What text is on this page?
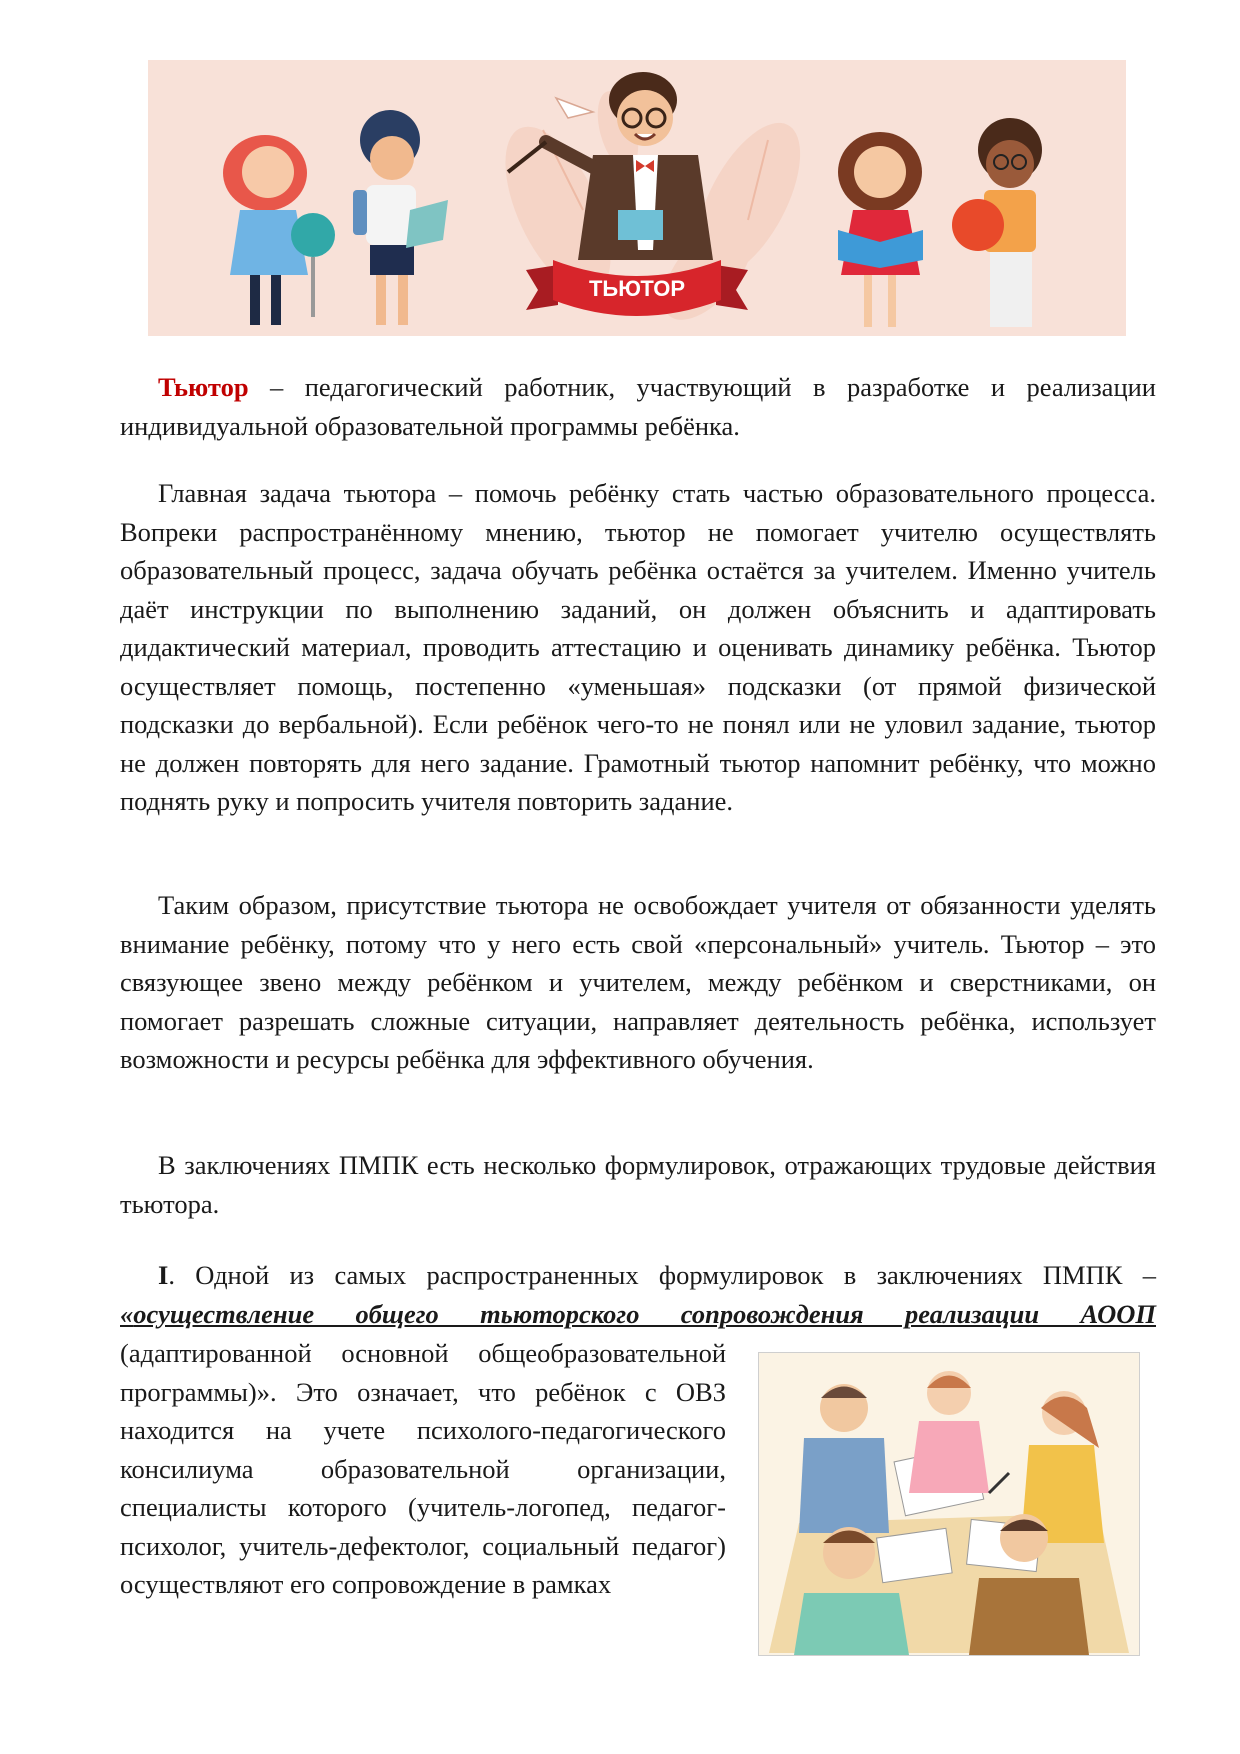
ТЬЮТОР

Тьютор – педагогический работник, участвующий в разработке и реализации индивидуальной образовательной программы ребёнка.

Главная задача тьютора – помочь ребёнку стать частью образовательного процесса. Вопреки распространённому мнению, тьютор не помогает учителю осуществлять образовательный процесс, задача обучать ребёнка остаётся за учителем. Именно учитель даёт инструкции по выполнению заданий, он должен объяснить и адаптировать дидактический материал, проводить аттестацию и оценивать динамику ребёнка. Тьютор осуществляет помощь, постепенно «уменьшая» подсказки (от прямой физической подсказки до вербальной). Если ребёнок чего-то не понял или не уловил задание, тьютор не должен повторять для него задание. Грамотный тьютор напомнит ребёнку, что можно поднять руку и попросить учителя повторить задание.

Таким образом, присутствие тьютора не освобождает учителя от обязанности уделять внимание ребёнку, потому что у него есть свой «персональный» учитель. Тьютор – это связующее звено между ребёнком и учителем, между ребёнком и сверстниками, он помогает разрешать сложные ситуации, направляет деятельность ребёнка, использует возможности и ресурсы ребёнка для эффективного обучения.

В заключениях ПМПК есть несколько формулировок, отражающих трудовые действия тьютора.

I. Одной из самых распространенных формулировок в заключениях ПМПК –

«осуществление общего тьюторского сопровождения реализации АООП

(адаптированной основной общеобразовательной программы)». Это означает, что ребёнок с ОВЗ находится на учете психолого-педагогического консилиума образовательной организации, специалисты которого (учитель-логопед, педагог-психолог, учитель-дефектолог, социальный педагог) осуществляют его сопровождение в рамках
